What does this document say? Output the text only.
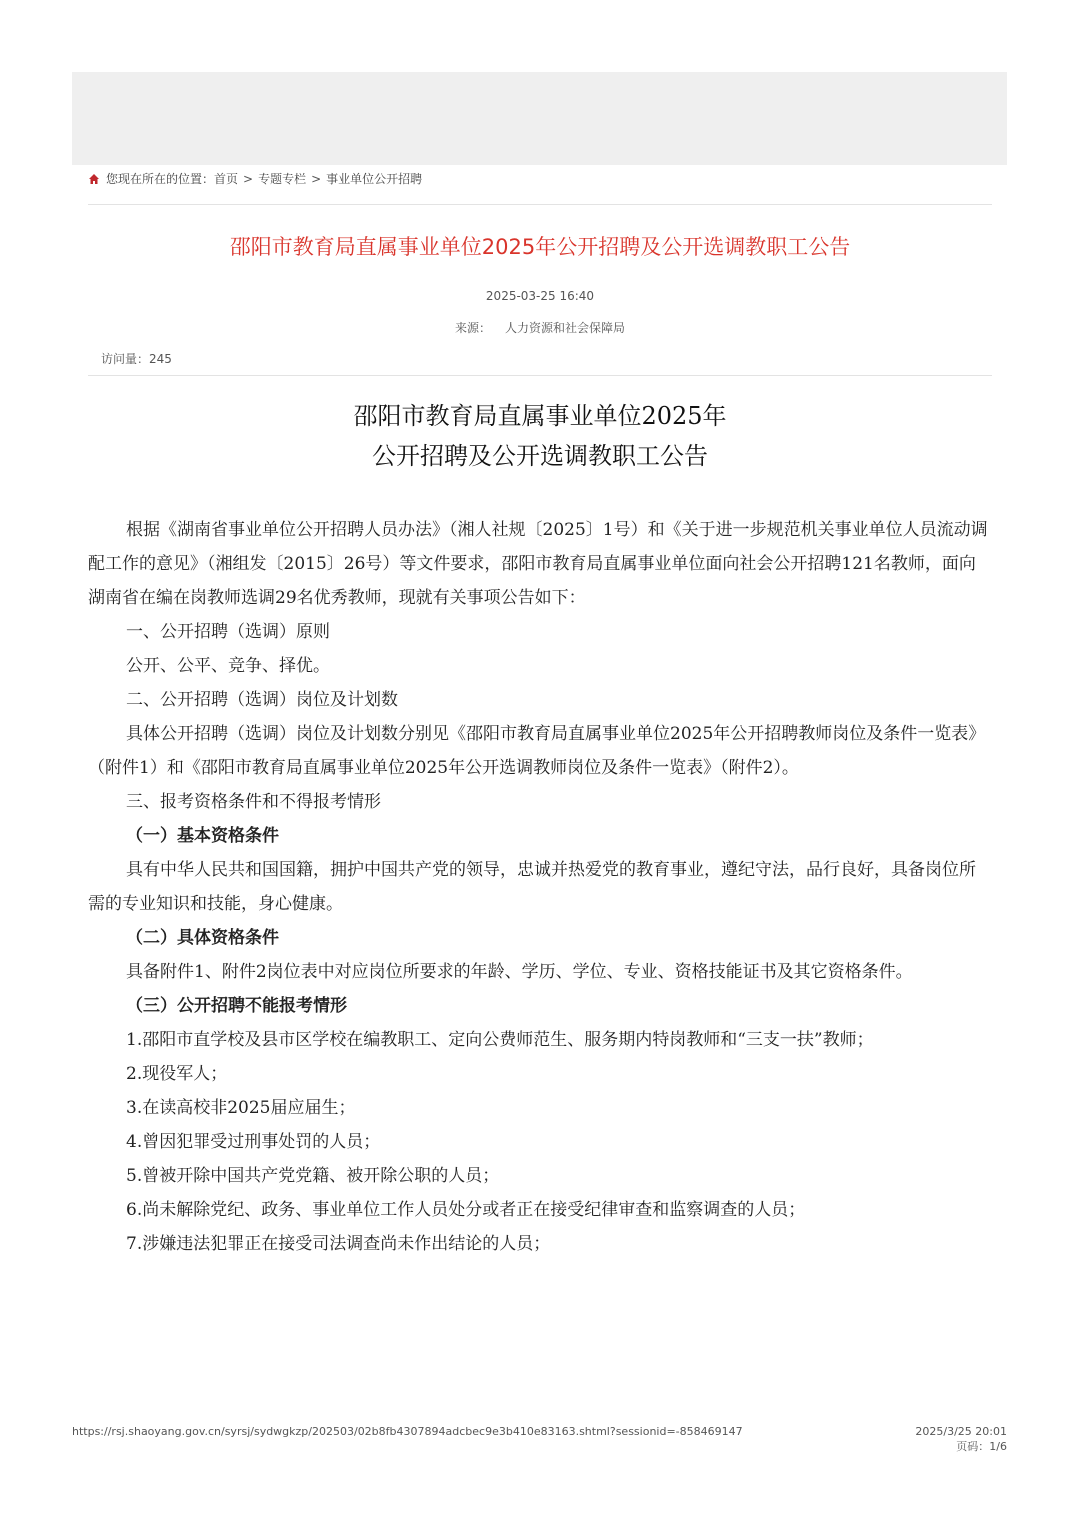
您现在所在的位置： 首页 > 专题专栏 > 事业单位公开招聘
邵阳市教育局直属事业单位2025年公开招聘及公开选调教职工公告
2025-03-25 16:40
来源： 人力资源和社会保障局
访问量：245
邵阳市教育局直属事业单位2025年
公开招聘及公开选调教职工公告

根据《湖南省事业单位公开招聘人员办法》（湘人社规〔2025〕1号）和《关于进一步规范机关事业单位人员流动调配工作的意见》（湘组发〔2015〕26号）等文件要求，邵阳市教育局直属事业单位面向社会公开招聘121名教师，面向湖南省在编在岗教师选调29名优秀教师，现就有关事项公告如下：

一、公开招聘（选调）原则

公开、公平、竞争、择优。

二、公开招聘（选调）岗位及计划数

具体公开招聘（选调）岗位及计划数分别见《邵阳市教育局直属事业单位2025年公开招聘教师岗位及条件一览表》（附件1）和《邵阳市教育局直属事业单位2025年公开选调教师岗位及条件一览表》（附件2）。

三、报考资格条件和不得报考情形

（一）基本资格条件

具有中华人民共和国国籍，拥护中国共产党的领导，忠诚并热爱党的教育事业，遵纪守法，品行良好，具备岗位所需的专业知识和技能，身心健康。

（二）具体资格条件

具备附件1、附件2岗位表中对应岗位所要求的年龄、学历、学位、专业、资格技能证书及其它资格条件。

（三）公开招聘不能报考情形

1.邵阳市直学校及县市区学校在编教职工、定向公费师范生、服务期内特岗教师和“三支一扶”教师；

2.现役军人；

3.在读高校非2025届应届生；

4.曾因犯罪受过刑事处罚的人员；

5.曾被开除中国共产党党籍、被开除公职的人员；

6.尚未解除党纪、政务、事业单位工作人员处分或者正在接受纪律审查和监察调查的人员；

7.涉嫌违法犯罪正在接受司法调查尚未作出结论的人员；

https://rsj.shaoyang.gov.cn/syrsj/sydwgkzp/202503/02b8fb4307894adcbec9e3b410e83163.shtml?sessionid=-858469147	2025/3/25 20:01
页码：1/6
